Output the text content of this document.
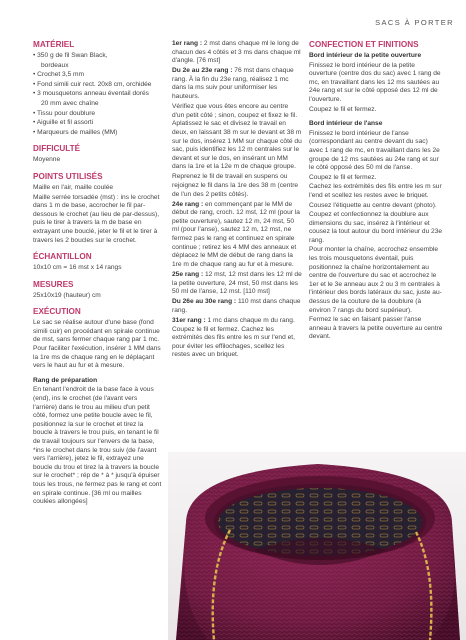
SACS À PORTER
MATÉRIEL

• 350 g de fil Swan Black,

bordeaux

• Crochet 3,5 mm

• Fond simili cuir rect. 20x8 cm, orchidée

• 3 mousquetons anneau éventail dorés

20 mm avec chaîne

• Tissu pour doublure

• Aiguille et fil assorti

• Marqueurs de mailles (MM)

DIFFICULTÉ

Moyenne

POINTS UTILISÉS

Maille en l'air, maille coulée

Maille serrée torsadée (mst) : ins le crochet dans 1 m de base, accrocher le fil par-dessous le crochet (au lieu de par-dessus), puis le tirer à travers la m de base en extrayant une bouclé, jeter le fil et le tirer à travers les 2 boucles sur le crochet.

ÉCHANTILLON

10x10 cm = 16 mst x 14 rangs

MESURES

25x10x19 (hauteur) cm

EXÉCUTION

Le sac se réalise autour d'une base (fond simili cuir) en procédant en spirale continue de mst, sans fermer chaque rang par 1 mc. Pour faciliter l'exécution, insérer 1 MM dans la 1re ms de chaque rang en le déplaçant vers le haut au fur et à mesure.

Rang de préparation

En tenant l'endroit de la base face à vous (end), ins le crochet (de l'avant vers l'arrière) dans le trou au milieu d'un petit côté, formez une petite boucle avec le fil, positionnez la sur le crochet et tirez la boucle à travers le trou puis, en tenant le fil de travail toujours sur l'envers de la base, *ins le crochet dans le trou suiv (de l'avant vers l'arrière), jetez le fil, extrayez une boucle du trou et tirez la à travers la boucle sur le crochet* ; rép de * à * jusqu'à épuiser tous les trous, ne fermez pas le rang et cont en spirale continue. [36 ml ou mailles coulées allongées]

1er rang : 2 mst dans chaque ml le long de chacun des 4 côtés et 3 ms dans chaque ml d'angle. [76 mst]

Du 2e au 23e rang : 76 mst dans chaque rang. À la fin du 23e rang, réalisez 1 mc dans la ms suiv pour uniformiser les hauteurs.

Vérifiez que vous êtes encore au centre d'un petit côté ; sinon, coupez et fixez le fil. Aplatissez le sac et divisez le travail en deux, en laissant 38 m sur le devant et 38 m sur le dos, insérez 1 MM sur chaque côté du sac, puis identifiez les 12 m centrales sur le devant et sur le dos, en insérant un MM dans la 1re et la 12e m de chaque groupe.

Reprenez le fil de travail en suspens ou rejoignez le fil dans la 1re des 38 m (centre de l'un des 2 petits côtés).

24e rang : en commençant par le MM de début de rang, croch. 12 mst, 12 ml (pour la petite ouverture), sautez 12 m, 24 mst, 50 ml (pour l'anse), sautez 12 m, 12 mst, ne fermez pas le rang et continuez en spirale continue ; retirez les 4 MM des anneaux et déplacez le MM de début de rang dans la 1re m de chaque rang au fur et à mesure.

25e rang : 12 mst, 12 mst dans les 12 ml de la petite ouverture, 24 mst, 50 mst dans les 50 ml de l'anse, 12 mst. [110 mst]

Du 26e au 30e rang : 110 mst dans chaque rang.

31er rang : 1 mc dans chaque m du rang. Coupez le fil et fermez. Cachez les extrémités des fils entre les m sur l'end et, pour éviter les effilochages, scellez les restes avec un briquet.

CONFECTION ET FINITIONS

Bord intérieur de la petite ouverture

Finissez le bord intérieur de la petite ouverture (centre dos du sac) avec 1 rang de mc, en travaillant dans les 12 ms sautées au 24e rang et sur le côté opposé des 12 ml de l'ouverture.

Coupez le fil et fermez.

Bord intérieur de l'anse

Finissez le bord intérieur de l'anse (correspondant au centre devant du sac) avec 1 rang de mc, en travaillant dans les 2e groupe de 12 ms sautées au 24e rang et sur le côté opposé des 50 ml de l'anse.

Coupez le fil et fermez.

Cachez les extrémités des fils entre les m sur l'end et scellez les restes avec le briquet.

Cousez l'étiquette au centre devant (photo).

Coupez et confectionnez la doublure aux dimensions du sac, insérez à l'intérieur et cousez la tout autour du bord intérieur du 23e rang.

Pour monter la chaîne, accrochez ensemble les trois mousquetons éventail, puis positionnez la chaîne horizontalement au centre de l'ouverture du sac et accrochez le 1er et le 3e anneau aux 2 ou 3 m centrales à l'intérieur des bords latéraux du sac, juste au-dessus de la couture de la doublure (à environ 7 rangs du bord supérieur).

Fermez le sac en faisant passer l'anse anneau à travers la petite ouverture au centre devant.
